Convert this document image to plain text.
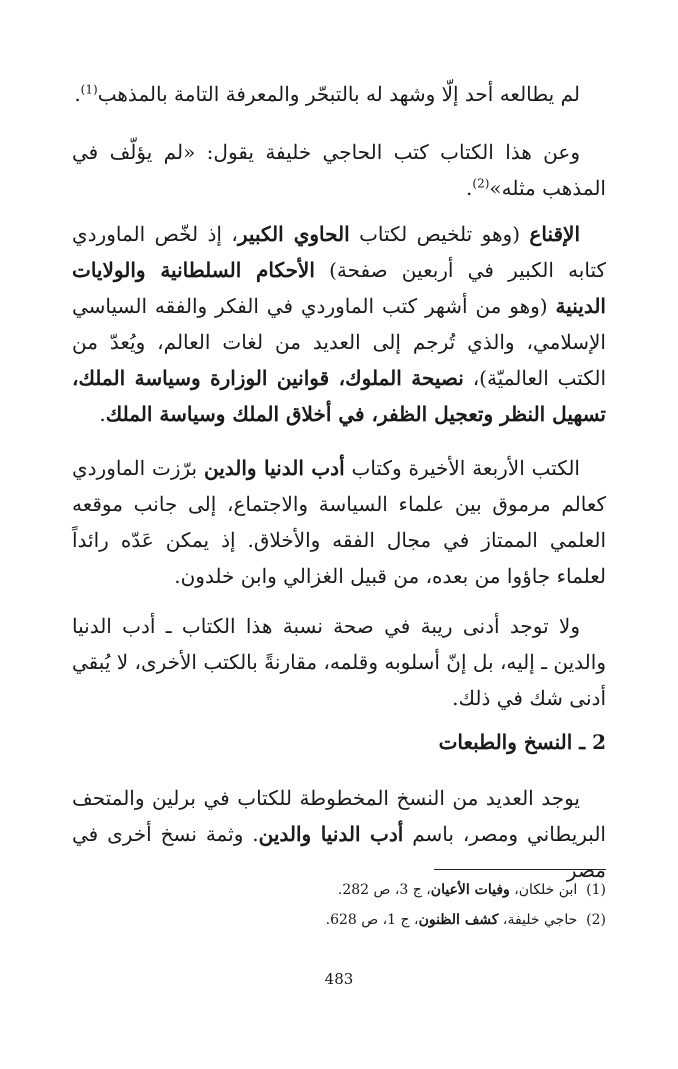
لم يطالعه أحد إلّا وشهد له بالتبحّر والمعرفة التامة بالمذهب$^{(1)}$.

وعن هذا الكتاب كتب الحاجي خليفة يقول: «لم يؤلّف في المذهب مثله»$^{(2)}$.

الإقناع (وهو تلخيص لكتاب الحاوي الكبير، إذ لخّص الماوردي كتابه الكبير في أربعين صفحة) الأحكام السلطانية والولايات الدينية (وهو من أشهر كتب الماوردي في الفكر والفقه السياسي الإسلامي، والذي تُرجم إلى العديد من لغات العالم، ويُعدّ من الكتب العالميّة)، نصيحة الملوك، قوانين الوزارة وسياسة الملك، تسهيل النظر وتعجيل الظفر، في أخلاق الملك وسياسة الملك.

الكتب الأربعة الأخيرة وكتاب أدب الدنيا والدين برّزت الماوردي كعالم مرموق بين علماء السياسة والاجتماع، إلى جانب موقعه العلمي الممتاز في مجال الفقه والأخلاق. إذ يمكن عَدّه رائداً لعلماء جاؤوا من بعده، من قبيل الغزالي وابن خلدون.

ولا توجد أدنى ريبة في صحة نسبة هذا الكتاب ـ أدب الدنيا والدين ـ إليه، بل إنّ أسلوبه وقلمه، مقارنةً بالكتب الأخرى، لا يُبقي أدنى شك في ذلك.

2 ـ النسخ والطبعات

يوجد العديد من النسخ المخطوطة للكتاب في برلين والمتحف البريطاني ومصر، باسم أدب الدنيا والدين. وثمة نسخ أخرى في مصر

(1)  ابن خلكان، وفيات الأعيان، ج 3، ص 282.
(2)  حاجي خليفة، كشف الظنون، ج 1، ص 628.
483
